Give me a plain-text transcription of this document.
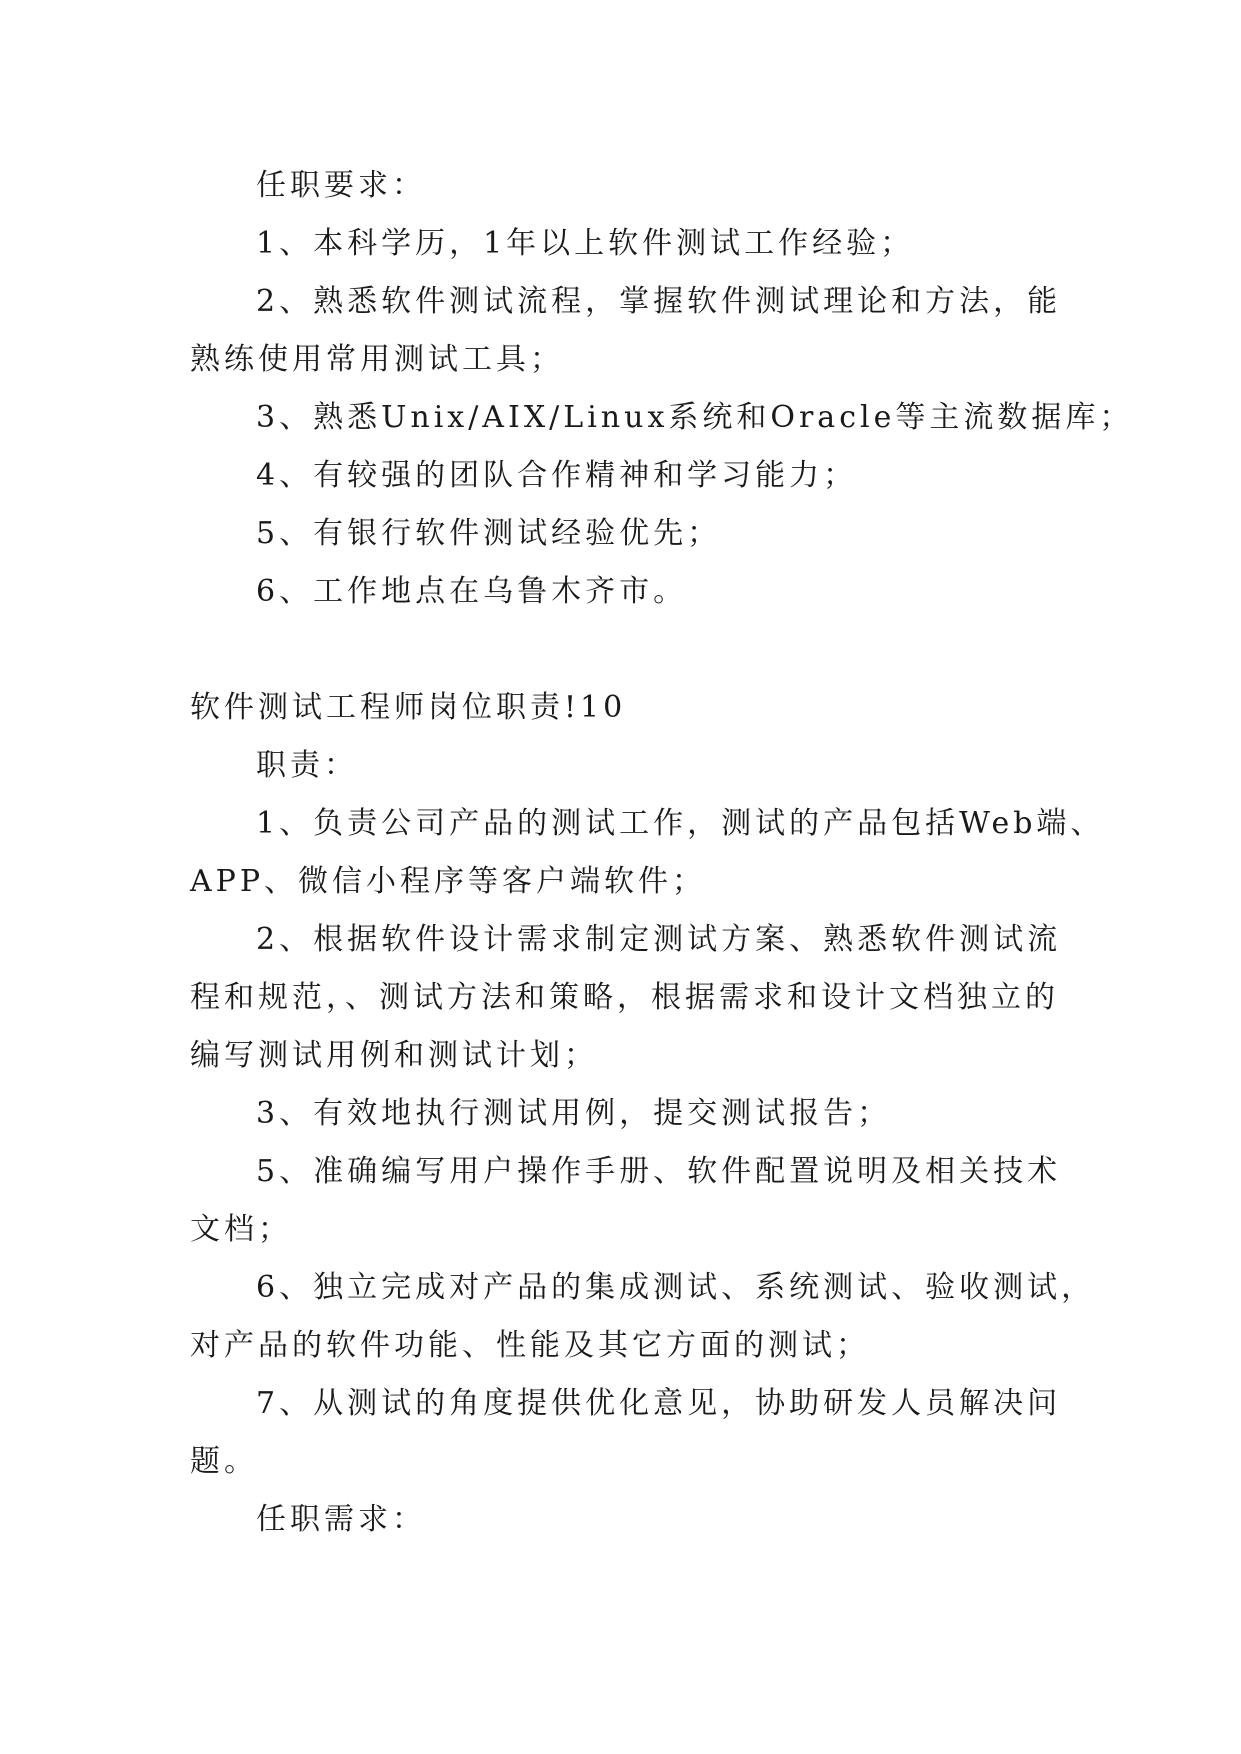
任职要求：
1、本科学历，1年以上软件测试工作经验；
2、熟悉软件测试流程，掌握软件测试理论和方法，能
熟练使用常用测试工具；
3、熟悉Unix/AIX/Linux系统和Oracle等主流数据库；
4、有较强的团队合作精神和学习能力；
5、有银行软件测试经验优先；
6、工作地点在乌鲁木齐市。
软件测试工程师岗位职责!10
职责：
1、负责公司产品的测试工作，测试的产品包括Web端、
APP、微信小程序等客户端软件；
2、根据软件设计需求制定测试方案、熟悉软件测试流
程和规范，、测试方法和策略，根据需求和设计文档独立的
编写测试用例和测试计划；
3、有效地执行测试用例，提交测试报告；
5、准确编写用户操作手册、软件配置说明及相关技术
文档；
6、独立完成对产品的集成测试、系统测试、验收测试，
对产品的软件功能、性能及其它方面的测试；
7、从测试的角度提供优化意见，协助研发人员解决问
题。
任职需求：
